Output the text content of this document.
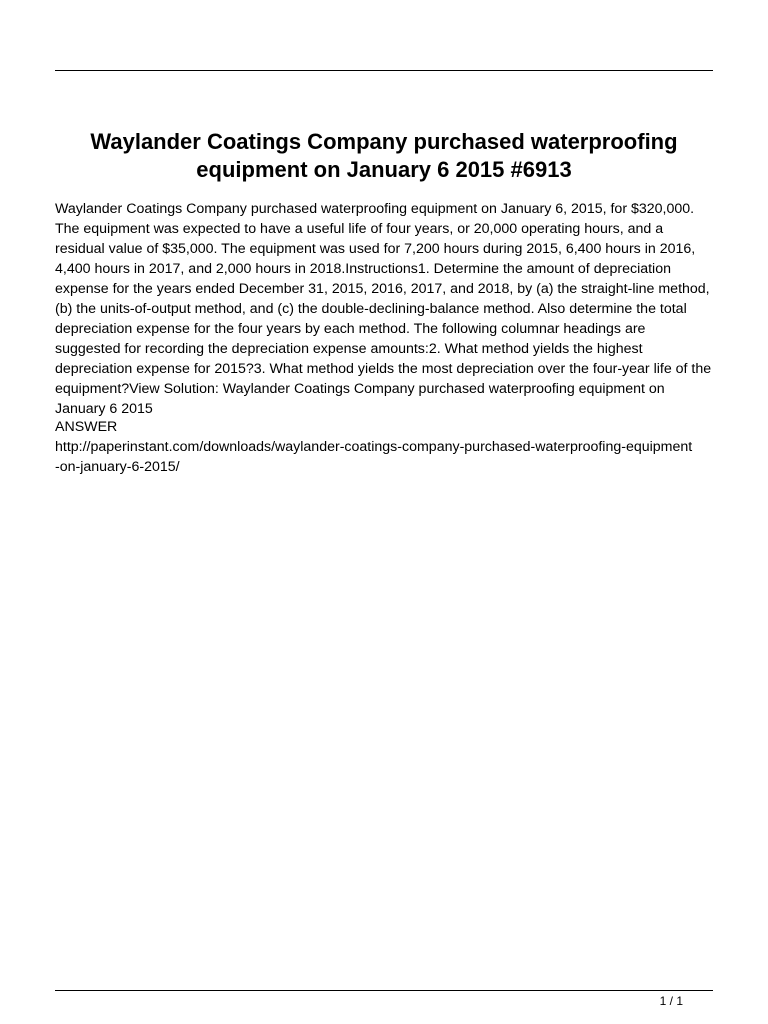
Waylander Coatings Company purchased waterproofing equipment on January 6 2015 #6913

Waylander Coatings Company purchased waterproofing equipment on January 6, 2015, for $320,000. The equipment was expected to have a useful life of four years, or 20,000 operating hours, and a residual value of $35,000. The equipment was used for 7,200 hours during 2015, 6,400 hours in 2016, 4,400 hours in 2017, and 2,000 hours in 2018.Instructions1. Determine the amount of depreciation expense for the years ended December 31, 2015, 2016, 2017, and 2018, by (a) the straight-line method, (b) the units-of-output method, and (c) the double-declining-balance method. Also determine the total depreciation expense for the four years by each method. The following columnar headings are suggested for recording the depreciation expense amounts:2. What method yields the highest depreciation expense for 2015?3. What method yields the most depreciation over the four-year life of the equipment?View Solution: Waylander Coatings Company purchased waterproofing equipment on January 6 2015

ANSWER

http://paperinstant.com/downloads/waylander-coatings-company-purchased-waterproofing-equipment-on-january-6-2015/
1 / 1
